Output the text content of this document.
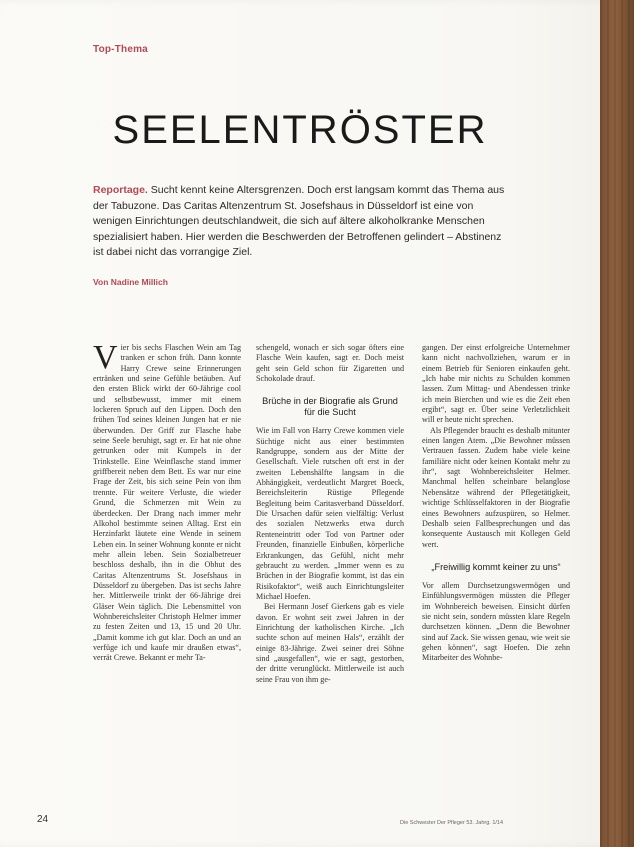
Top-Thema
SEELENTRÖSTER
Reportage. Sucht kennt keine Altersgrenzen. Doch erst langsam kommt das Thema aus der Tabuzone. Das Caritas Altenzentrum St. Josefshaus in Düsseldorf ist eine von wenigen Einrichtungen deutschlandweit, die sich auf ältere alkoholkranke Menschen spezialisiert haben. Hier werden die Beschwerden der Betroffenen gelindert – Abstinenz ist dabei nicht das vorrangige Ziel.
Von Nadine Millich

Vier bis sechs Flaschen Wein am Tag tranken er schon früh. Dann konnte Harry Crewe seine Erinnerungen ertränken und seine Gefühle betäuben. Auf den ersten Blick wirkt der 60-Jährige cool und selbstbewusst, immer mit einem lockeren Spruch auf den Lippen. Doch den frühen Tod seines kleinen Jungen hat er nie überwunden. Der Griff zur Flasche habe seine Seele beruhigt, sagt er. Er hat nie ohne getrunken oder mit Kumpels in der Trinkstelle. Eine Weinflasche stand immer griffbereit neben dem Bett. Es war nur eine Frage der Zeit, bis sich seine Pein von ihm trennte. Für weitere Verluste, die wieder Grund, die Schmerzen mit Wein zu überdecken. Der Drang nach immer mehr Alkohol bestimmte seinen Alltag. Erst ein Herzinfarkt läutete eine Wende in seinem Leben ein. In seiner Wohnung konnte er nicht mehr allein leben. Sein Sozialbetreuer beschloss deshalb, ihn in die Obhut des Caritas Altenzentrums St. Josefshaus in Düsseldorf zu übergeben. Das ist sechs Jahre her. Mittlerweile trinkt der 66-Jährige drei Gläser Wein täglich. Die Lebensmittel von Wohnbereichsleiter Christoph Helmer immer zu festen Zeiten und 13, 15 und 20 Uhr. „Damit komme ich gut klar. Doch an und an verfüge ich und kaufe mir draußen etwas“, verrät Crewe. Bekannt er mehr Ta-

schengeld, wonach er sich sogar öfters eine Flasche Wein kaufen, sagt er. Doch meist geht sein Geld schon für Zigaretten und Schokolade drauf.

Brüche in der Biografie als Grund für die Sucht

Wie im Fall von Harry Crewe kommen viele Süchtige nicht aus einer bestimmten Randgruppe, sondern aus der Mitte der Gesellschaft. Viele rutschen oft erst in der zweiten Lebenshälfte langsam in die Abhängigkeit, verdeutlicht Margret Boeck, Bereichsleiterin Rüstige Pflegende Begleitung beim Caritasverband Düsseldorf. Die Ursachen dafür seien vielfältig: Verlust des sozialen Netzwerks etwa durch Renteneintritt oder Tod von Partner oder Freunden, finanzielle Einbußen, körperliche Erkrankungen, das Gefühl, nicht mehr gebraucht zu werden. „Immer wenn es zu Brüchen in der Biografie kommt, ist das ein Risikofaktor“, weiß auch Einrichtungsleiter Michael Hoefen.

Bei Hermann Josef Gierkens gab es viele davon. Er wohnt seit zwei Jahren in der Einrichtung der katholischen Kirche. „Ich suchte schon auf meinen Hals“, erzählt der einige 83-Jährige. Zwei seiner drei Söhne sind „ausgefallen“, wie er sagt, gestorben, der dritte verunglückt. Mittlerweile ist auch seine Frau von ihm ge-

gangen. Der einst erfolgreiche Unternehmer kann nicht nachvollziehen, warum er in einem Betrieb für Senioren einkaufen geht. „Ich habe mir nichts zu Schulden kommen lassen. Zum Mittag- und Abendessen trinke ich mein Bierchen und wie es die Zeit eben ergibt“, sagt er. Über seine Verletzlichkeit will er heute nicht sprechen.

Als Pflegender braucht es deshalb mitunter einen langen Atem. „Die Bewohner müssen Vertrauen fassen. Zudem habe viele keine familiäre nicht oder keinen Kontakt mehr zu ihr“, sagt Wohnbereichsleiter Helmer. Manchmal helfen scheinbare belanglose Nebensätze während der Pflegetätigkeit, wichtige Schlüsselfaktoren in der Biografie eines Bewohners aufzuspüren, so Helmer. Deshalb seien Fallbesprechungen und das konsequente Austausch mit Kollegen Geld wert.

„Freiwillig kommt keiner zu uns“

Vor allem Durchsetzungswermögen und Einfühlungsvermögen müssten die Pfleger im Wohnbereich beweisen. Einsicht dürfen sie nicht sein, sondern müssten klare Regeln durchsetzen können. „Denn die Bewohner sind auf Zack. Sie wissen genau, wie weit sie gehen können“, sagt Hoefen. Die zehn Mitarbeiter des Wohnbe-

24	Die Schwester Der Pfleger 53. Jahrg. 1/14
